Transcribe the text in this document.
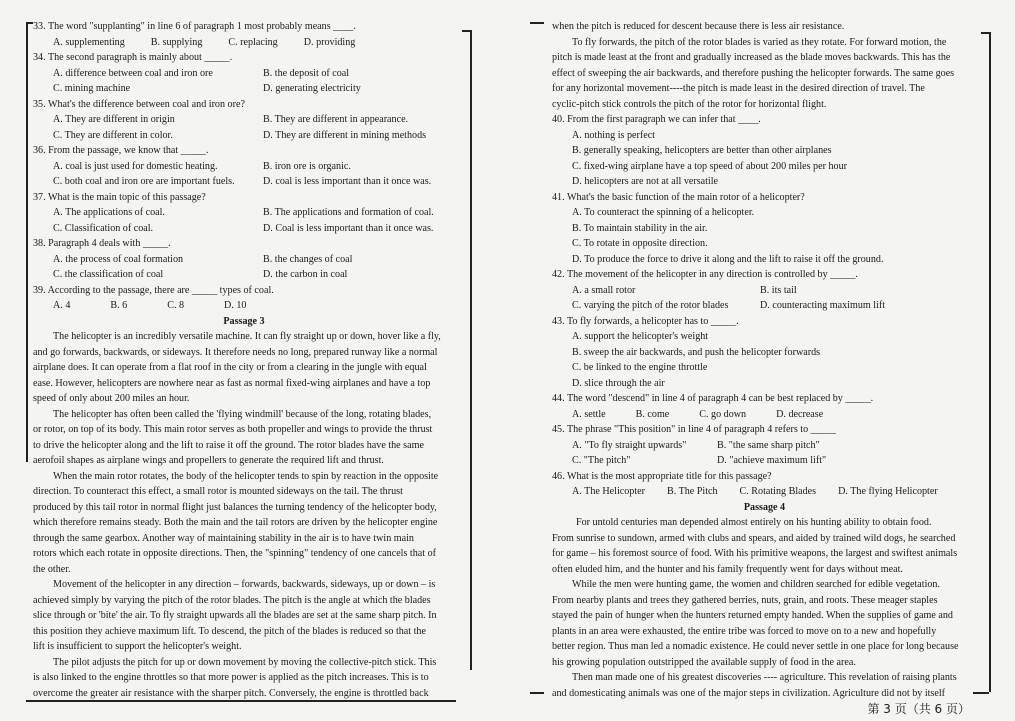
33. The word "supplanting" in line 6 of paragraph 1 most probably means ____.
A. supplementing	B. supplying	C. replacing	D. providing
34. The second paragraph is mainly about _____.
A. difference between coal and iron ore	B. the deposit of coal
C. mining machine	D. generating electricity
35. What's the difference between coal and iron ore?
A. They are different in origin	B. They are different in appearance.
C. They are different in color.	D. They are different in mining methods
36. From the passage, we know that _____.
A. coal is just used for domestic heating.	B. iron ore is organic.
C. both coal and iron ore are important fuels.	D. coal is less important than it once was.
37. What is the main topic of this passage?
A. The applications of coal.	B. The applications and formation of coal.
C. Classification of coal.	D. Coal is less important than it once was.
38. Paragraph 4 deals with _____.
A. the process of coal formation	B. the changes of coal
C. the classification of coal	D. the carbon in coal
39. According to the passage, there are _____ types of coal.
A. 4	B. 6	C. 8	D. 10
Passage 3
The helicopter is an incredibly versatile machine. It can fly straight up or down, hover like a fly,
and go forwards, backwards, or sideways. It therefore needs no long, prepared runway like a normal
airplane does. It can operate from a flat roof in the city or from a clearing in the jungle with equal
ease. However, helicopters are nowhere near as fast as normal fixed-wing airplanes and have a top
speed of only about 200 miles an hour.
The helicopter has often been called the 'flying windmill' because of the long, rotating blades,
or rotor, on top of its body. This main rotor serves as both propeller and wings to provide the thrust
to drive the helicopter along and the lift to raise it off the ground. The rotor blades have the same
aerofoil shapes as airplane wings and propellers to generate the required lift and thrust.
When the main rotor rotates, the body of the helicopter tends to spin by reaction in the opposite
direction. To counteract this effect, a small rotor is mounted sideways on the tail. The thrust
produced by this tail rotor in normal flight just balances the turning tendency of the helicopter body,
which therefore remains steady. Both the main and the tail rotors are driven by the helicopter engine
through the same gearbox. Another way of maintaining stability in the air is to have twin main
rotors which each rotate in opposite directions. Then, the "spinning" tendency of one cancels that of
the other.
Movement of the helicopter in any direction – forwards, backwards, sideways, up or down – is
achieved simply by varying the pitch of the rotor blades. The pitch is the angle at which the blades
slice through or 'bite' the air. To fly straight upwards all the blades are set at the same sharp pitch. In
this position they achieve maximum lift. To descend, the pitch of the blades is reduced so that the
lift is insufficient to support the helicopter's weight.
The pilot adjusts the pitch for up or down movement by moving the collective-pitch stick. This
is also linked to the engine throttles so that more power is applied as the pitch increases. This is to
overcome the greater air resistance with the sharper pitch. Conversely, the engine is throttled back
when the pitch is reduced for descent because there is less air resistance.
To fly forwards, the pitch of the rotor blades is varied as they rotate. For forward motion, the
pitch is made least at the front and gradually increased as the blade moves backwards. This has the
effect of sweeping the air backwards, and therefore pushing the helicopter forwards. The same goes
for any horizontal movement----the pitch is made least in the desired direction of travel. The
cyclic-pitch stick controls the pitch of the rotor for horizontal flight.
40. From the first paragraph we can infer that ____.
A. nothing is perfect
B. generally speaking, helicopters are better than other airplanes
C. fixed-wing airplane have a top speed of about 200 miles per hour
D. helicopters are not at all versatile
41. What's the basic function of the main rotor of a helicopter?
A. To counteract the spinning of a helicopter.
B. To maintain stability in the air.
C. To rotate in opposite direction.
D. To produce the force to drive it along and the lift to raise it off the ground.
42. The movement of the helicopter in any direction is controlled by _____.
A. a small rotor	B. its tail
C. varying the pitch of the rotor blades	D. counteracting maximum lift
43. To fly forwards, a helicopter has to _____.
A. support the helicopter's weight
B. sweep the air backwards, and push the helicopter forwards
C. be linked to the engine throttle
D. slice through the air
44. The word "descend" in line 4 of paragraph 4 can be best replaced by _____.
A. settle	B. come	C. go down	D. decrease
45. The phrase "This position" in line 4 of paragraph 4 refers to _____
A. "To fly straight upwards"	B. "the same sharp pitch"
C. "The pitch"	D. "achieve maximum lift"
46. What is the most appropriate title for this passage?
A. The Helicopter B. The Pitch C. Rotating Blades D. The flying Helicopter
Passage 4
For untold centuries man depended almost entirely on his hunting ability to obtain food.
From sunrise to sundown, armed with clubs and spears, and aided by trained wild dogs, he searched
for game – his foremost source of food. With his primitive weapons, the largest and swiftest animals
often eluded him, and the hunter and his family frequently went for days without meat.
While the men were hunting game, the women and children searched for edible vegetation.
From nearby plants and trees they gathered berries, nuts, grain, and roots. These meager staples
stayed the pain of hunger when the hunters returned empty handed. When the supplies of game and
plants in an area were exhausted, the entire tribe was forced to move on to a new and hopefully
better region. Thus man led a nomadic existence. He could never settle in one place for long because
his growing population outstripped the available supply of food in the area.
Then man made one of his greatest discoveries ---- agriculture. This revelation of raising plants
and domesticating animals was one of the major steps in civilization. Agriculture did not by itself
第 3 页（共 6 页）
